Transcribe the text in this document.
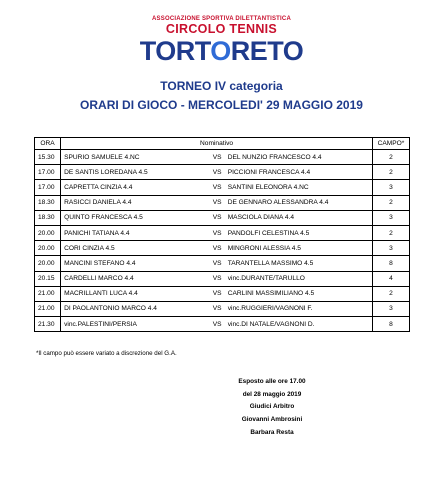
ASSOCIAZIONE SPORTIVA DILETTANTISTICA
CIRCOLO TENNIS
TORTORETO
TORNEO IV categoria
ORARI DI GIOCO - MERCOLEDI' 29 MAGGIO 2019
ORA	Nominativo			CAMPO*
15.30	SPURIO SAMUELE 4.NC	VS	DEL NUNZIO FRANCESCO 4.4	2
17.00	DE SANTIS LOREDANA 4.5	VS	PICCIONI FRANCESCA 4.4	2
17.00	CAPRETTA CINZIA 4.4	VS	SANTINI ELEONORA 4.NC	3
18.30	RASICCI DANIELA 4.4	VS	DE GENNARO ALESSANDRA 4.4	2
18.30	QUINTO FRANCESCA 4.5	VS	MASCIOLA DIANA 4.4	3
20.00	PANICHI TATIANA 4.4	VS	PANDOLFI CELESTINA 4.5	2
20.00	CORI CINZIA 4.5	VS	MINGRONI ALESSIA 4.5	3
20.00	MANCINI STEFANO 4.4	VS	TARANTELLA MASSIMO 4.5	8
20.15	CARDELLI MARCO 4.4	VS	vinc.DURANTE/TARULLO	4
21.00	MACRILLANTI LUCA 4.4	VS	CARLINI MASSIMILIANO 4.5	2
21.00	DI PAOLANTONIO MARCO 4.4	VS	vinc.RUGGIERI/VAGNONI F.	3
21.30	vinc.PALESTINI/PERSIA	VS	vinc.DI NATALE/VAGNONI D.	8
*Il campo può essere variato a discrezione del G.A.
Esposto alle ore 17.00
del 28 maggio 2019
Giudici Arbitro
Giovanni Ambrosini
Barbara Resta
